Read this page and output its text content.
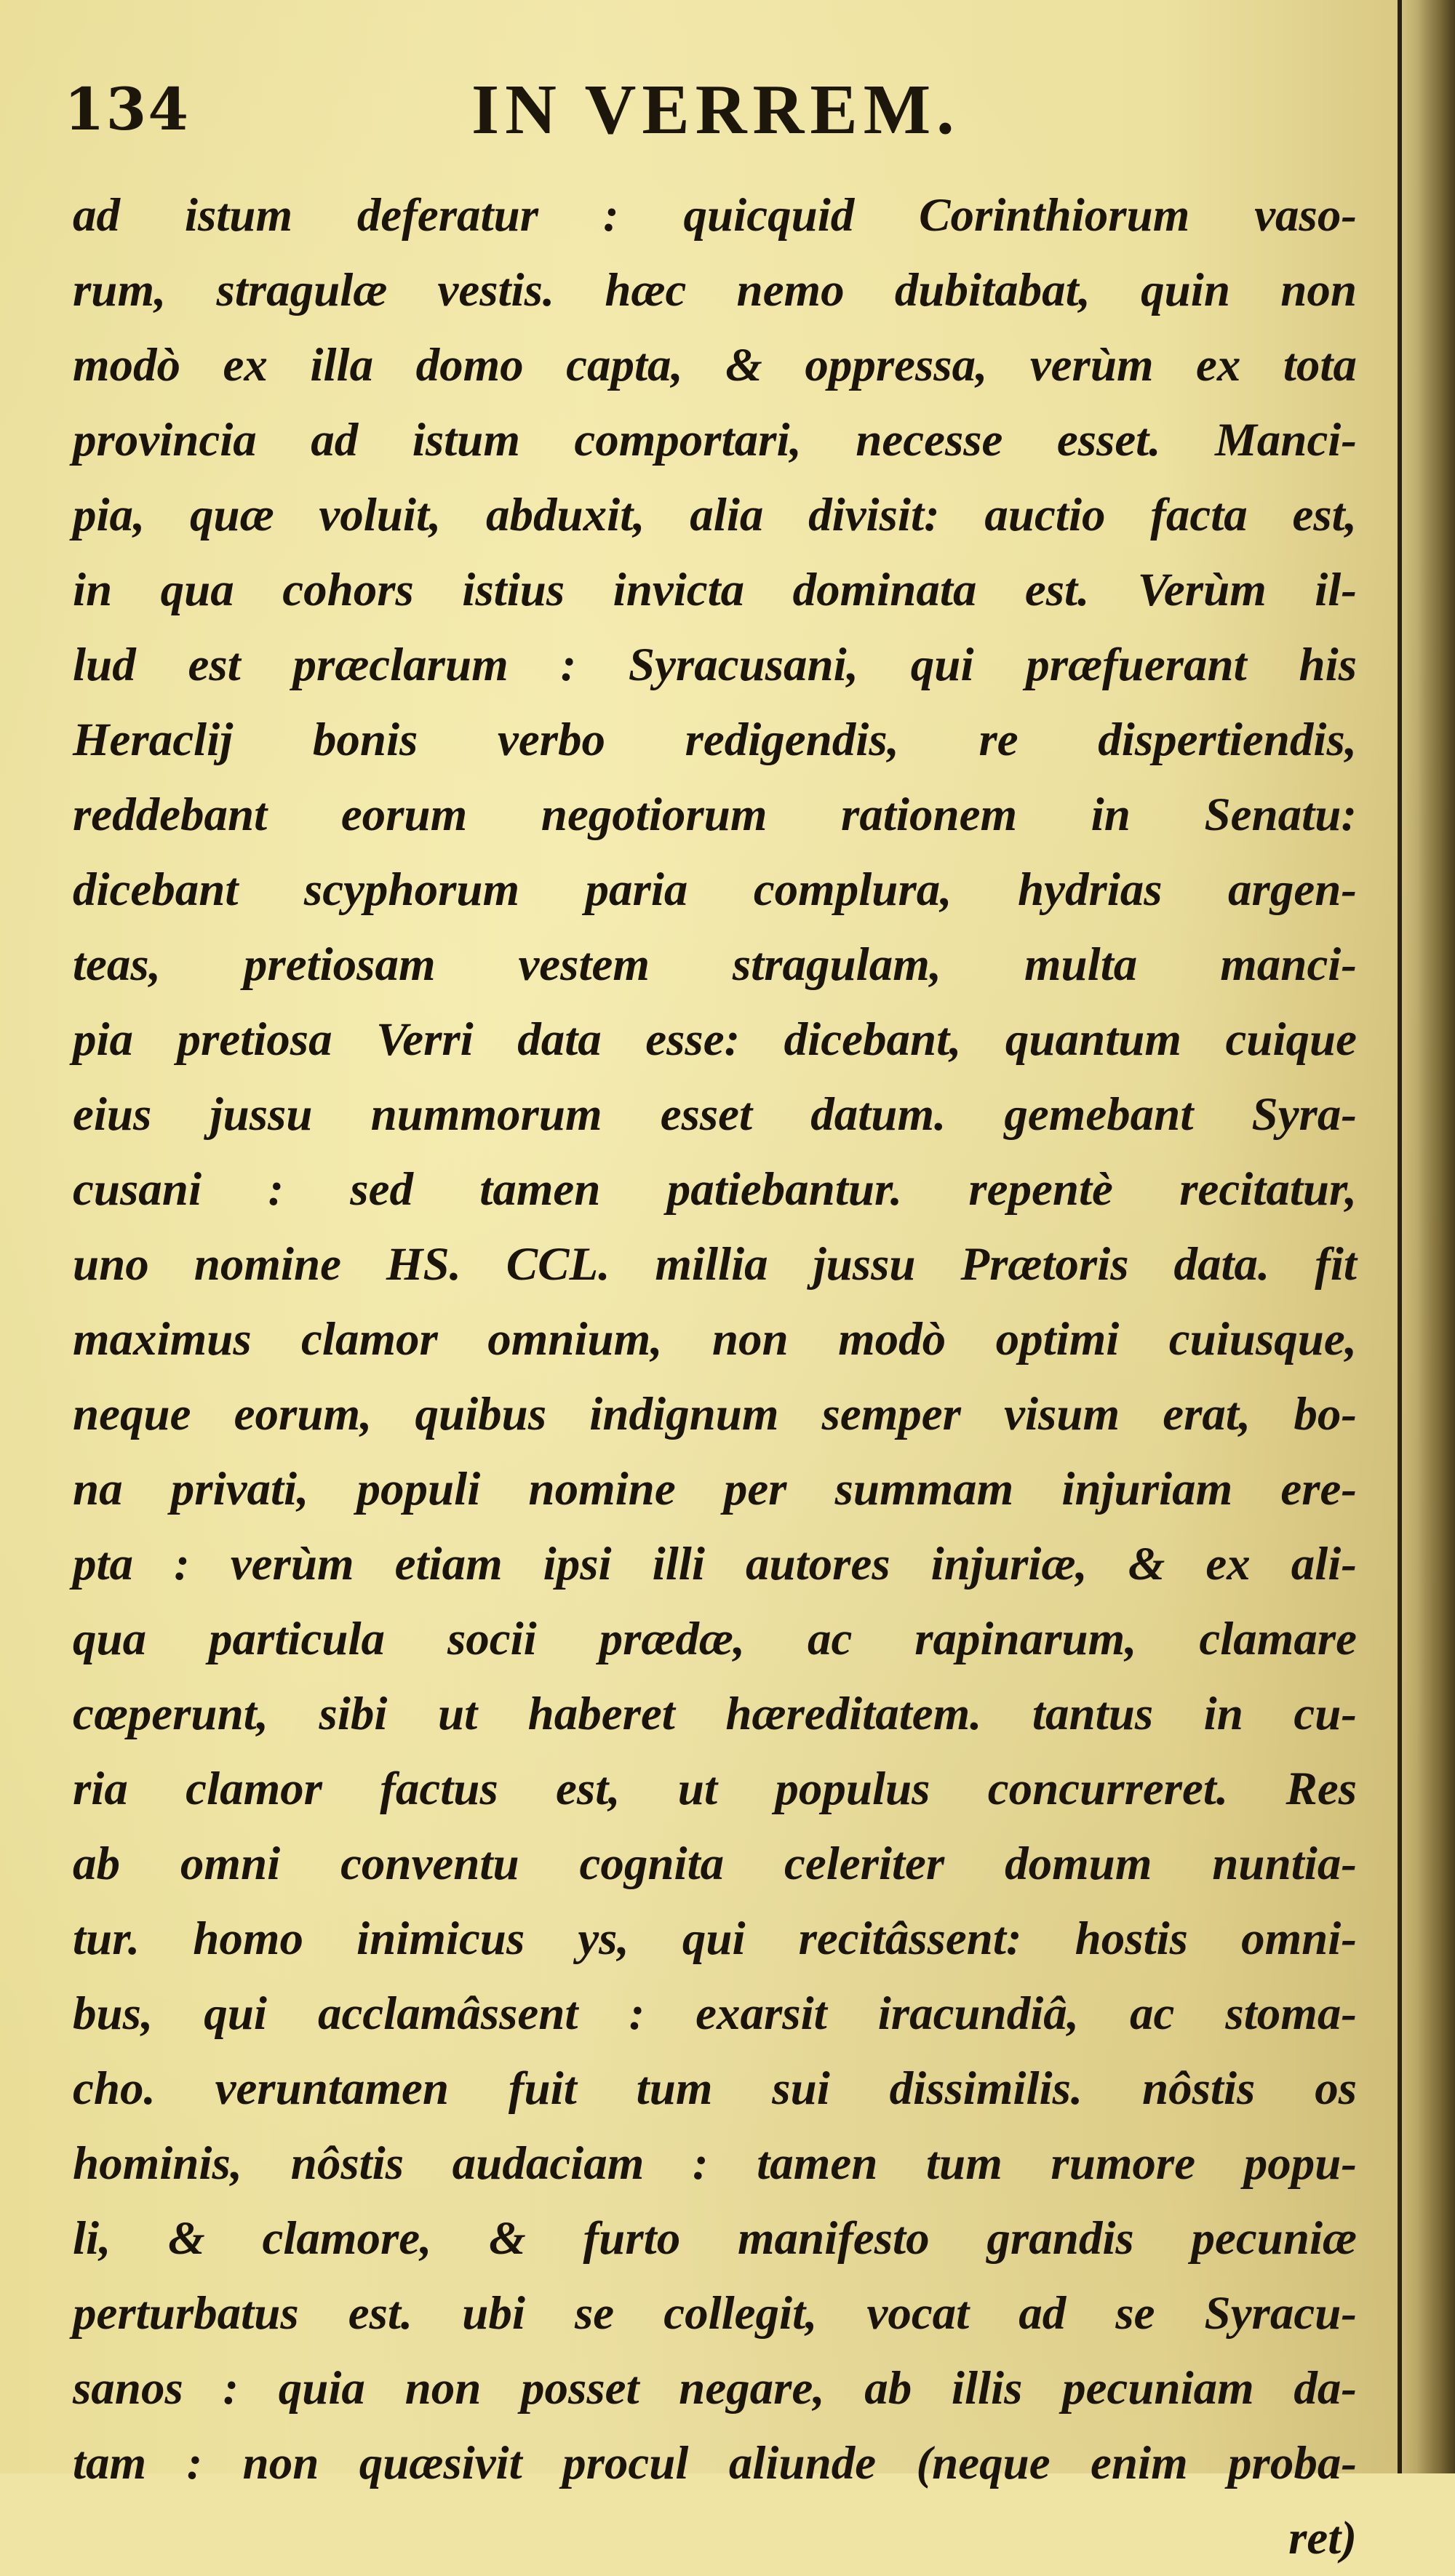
134	IN VERREM.
ad istum deferatur : quicquid Corinthiorum vaso-
rum, stragulæ vestis. hæc nemo dubitabat, quin non
modò ex illa domo capta, & oppressa, verùm ex tota
provincia ad istum comportari, necesse esset. Manci-
pia, quæ voluit, abduxit, alia divisit: auctio facta est,
in qua cohors istius invicta dominata est. Verùm il-
lud est præclarum : Syracusani, qui præfuerant his
Heraclij bonis verbo redigendis, re dispertiendis,
reddebant eorum negotiorum rationem in Senatu:
dicebant scyphorum paria complura, hydrias argen-
teas, pretiosam vestem stragulam, multa manci-
pia pretiosa Verri data esse: dicebant, quantum cuique
eius jussu nummorum esset datum. gemebant Syra-
cusani : sed tamen patiebantur. repentè recitatur,
uno nomine HS. CCL. millia jussu Prætoris data. fit
maximus clamor omnium, non modò optimi cuiusque,
neque eorum, quibus indignum semper visum erat, bo-
na privati, populi nomine per summam injuriam ere-
pta : verùm etiam ipsi illi autores injuriæ, & ex ali-
qua particula socii prædæ, ac rapinarum, clamare
cœperunt, sibi ut haberet hæreditatem. tantus in cu-
ria clamor factus est, ut populus concurreret. Res
ab omni conventu cognita celeriter domum nuntia-
tur. homo inimicus ys, qui recitâssent: hostis omni-
bus, qui acclamâssent : exarsit iracundiâ, ac stoma-
cho. veruntamen fuit tum sui dissimilis. nôstis os
hominis, nôstis audaciam : tamen tum rumore popu-
li, & clamore, & furto manifesto grandis pecuniæ
perturbatus est. ubi se collegit, vocat ad se Syracu-
sanos : quia non posset negare, ab illis pecuniam da-
tam : non quæsivit procul aliunde (neque enim proba-
ret)
